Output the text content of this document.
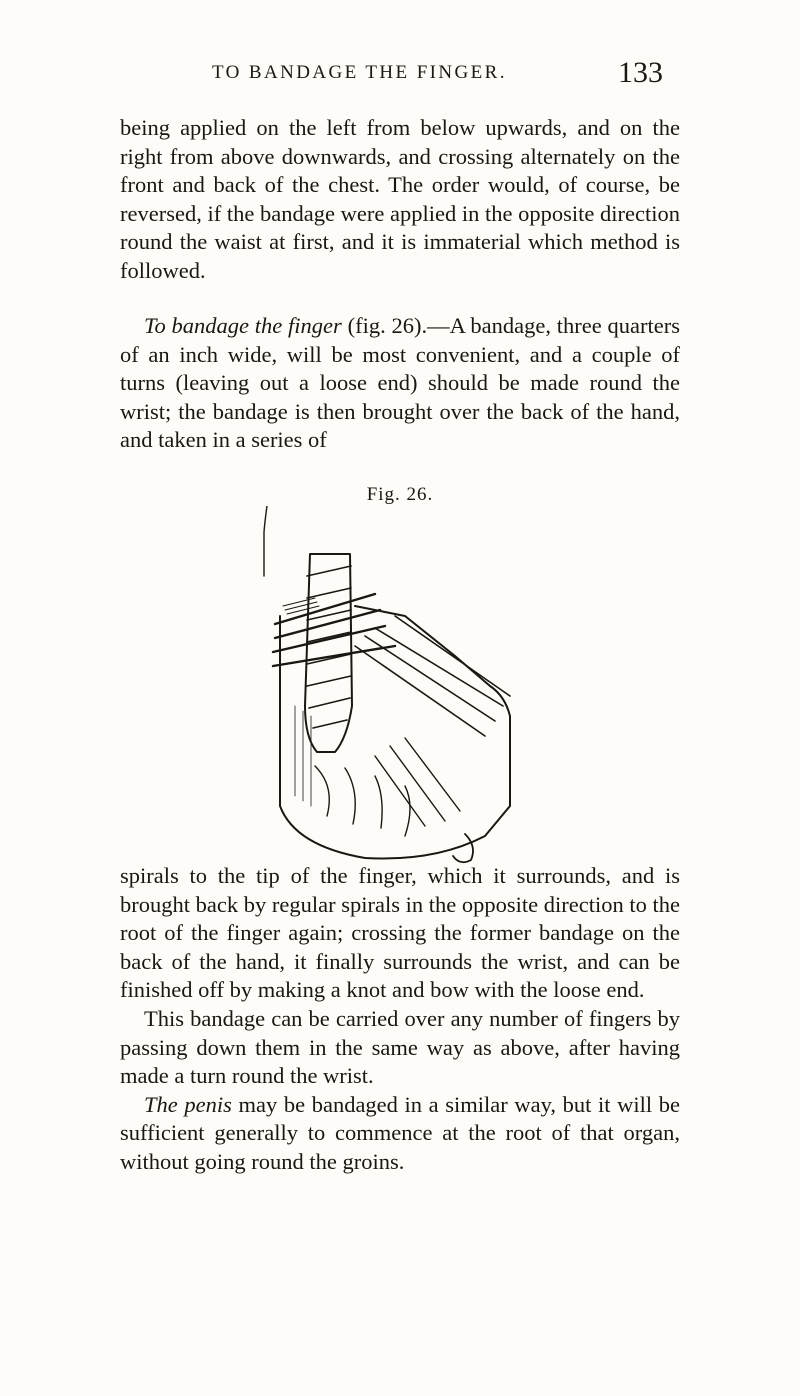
TO BANDAGE THE FINGER.	133

being applied on the left from below upwards, and on the right from above downwards, and crossing alternately on the front and back of the chest. The order would, of course, be reversed, if the bandage were applied in the opposite direction round the waist at first, and it is immaterial which method is followed.

To bandage the finger (fig. 26).—A bandage, three quarters of an inch wide, will be most convenient, and a couple of turns (leaving out a loose end) should be made round the wrist; the bandage is then brought over the back of the hand, and taken in a series of

Fig. 26.

spirals to the tip of the finger, which it surrounds, and is brought back by regular spirals in the opposite direction to the root of the finger again; crossing the former bandage on the back of the hand, it finally surrounds the wrist, and can be finished off by making a knot and bow with the loose end.

This bandage can be carried over any number of fingers by passing down them in the same way as above, after having made a turn round the wrist.

The penis may be bandaged in a similar way, but it will be sufficient generally to commence at the root of that organ, without going round the groins.
